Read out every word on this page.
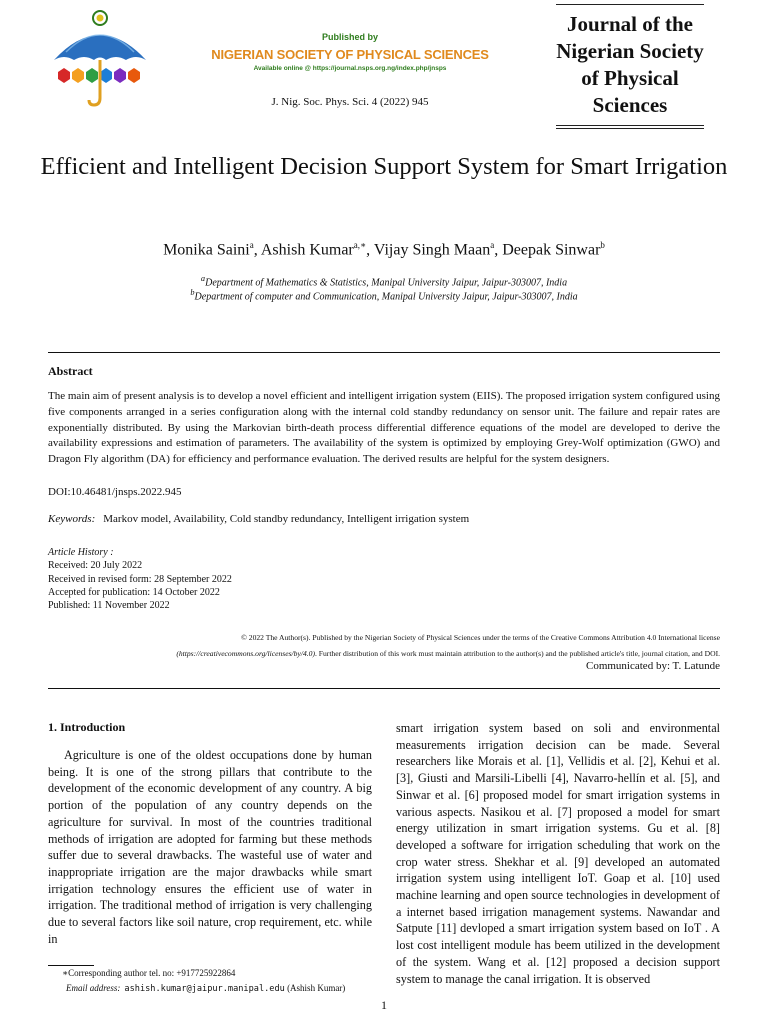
Published by
NIGERIAN SOCIETY OF PHYSICAL SCIENCES
Available online @ https://journal.nsps.org.ng/index.php/jnsps
J. Nig. Soc. Phys. Sci. 4 (2022) 945
Journal of the
Nigerian Society
of Physical
Sciences
Efficient and Intelligent Decision Support System for Smart Irrigation
Monika Saini$^a$, Ashish Kumar$^{a,∗}$, Vijay Singh Maan$^a$, Deepak Sinwar$^b$
$^a$Department of Mathematics & Statistics, Manipal University Jaipur, Jaipur-303007, India
$^b$Department of computer and Communication, Manipal University Jaipur, Jaipur-303007, India
Abstract
The main aim of present analysis is to develop a novel efficient and intelligent irrigation system (EIIS). The proposed irrigation system configured using five components arranged in a series configuration along with the internal cold standby redundancy on sensor unit. The failure and repair rates are exponentially distributed. By using the Markovian birth-death process differential difference equations of the model are developed to derive the availability expressions and estimation of parameters. The availability of the system is optimized by employing Grey-Wolf optimization (GWO) and Dragon Fly algorithm (DA) for efficiency and performance evaluation. The derived results are helpful for the system designers.
DOI:10.46481/jnsps.2022.945
Keywords: Markov model, Availability, Cold standby redundancy, Intelligent irrigation system
Article History :
Received: 20 July 2022
Received in revised form: 28 September 2022
Accepted for publication: 14 October 2022
Published: 11 November 2022
© 2022 The Author(s). Published by the Nigerian Society of Physical Sciences under the terms of the Creative Commons Attribution 4.0 International license
(https://creativecommons.org/licenses/by/4.0). Further distribution of this work must maintain attribution to the author(s) and the published article's title, journal citation, and DOI.
Communicated by: T. Latunde
1. Introduction
Agriculture is one of the oldest occupations done by human being. It is one of the strong pillars that contribute to the development of the economic development of any country. A big portion of the population of any country depends on the agriculture for survival. In most of the countries traditional methods of irrigation are adopted for farming but these methods suffer due to several drawbacks. The wasteful use of water and inappropriate irrigation are the major drawbacks while smart irrigation technology ensures the efficient use of water in irrigation. The traditional method of irrigation is very challenging due to several factors like soil nature, crop requirement, etc. while in
smart irrigation system based on soli and environmental measurements irrigation decision can be made. Several researchers like Morais et al. [1], Vellidis et al. [2], Kehui et al. [3], Giusti and Marsili-Libelli [4], Navarro-hellín et al. [5], and Sinwar et al. [6] proposed model for smart irrigation systems in various aspects. Nasikou et al. [7] proposed a model for smart energy utilization in smart irrigation systems. Gu et al. [8] developed a software for irrigation scheduling that work on the crop water stress. Shekhar et al. [9] developed an automated irrigation system using intelligent IoT. Goap et al. [10] used machine learning and open source technologies in development of a internet based irrigation management systems. Nawandar and Satpute [11] devloped a smart irrigation system based on IoT . A lost cost intelligent module has beem utilized in the development of the system. Wang et al. [12] proposed a decision support system to manage the canal irrigation. It is observed
∗Corresponding author tel. no: +917725922864
Email address: ashish.kumar@jaipur.manipal.edu (Ashish Kumar)
1
